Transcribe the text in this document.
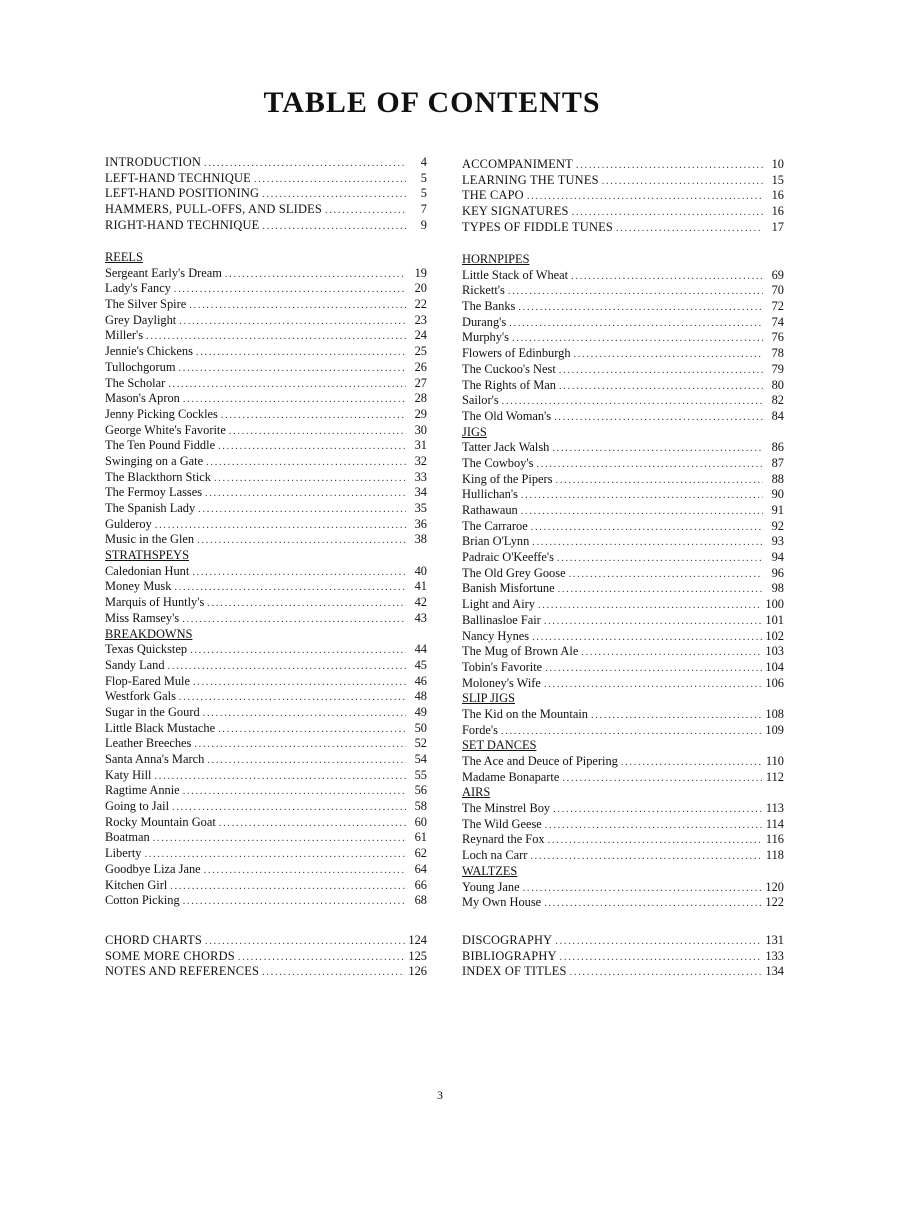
TABLE OF CONTENTS
INTRODUCTION .....	4
LEFT-HAND TECHNIQUE .....	5
LEFT-HAND POSITIONING .....	5
HAMMERS, PULL-OFFS, AND SLIDES .....	7
RIGHT-HAND TECHNIQUE .....	9
REELS
Sergeant Early's Dream .....	19
Lady's Fancy .....	20
The Silver Spire .....	22
Grey Daylight .....	23
Miller's .....	24
Jennie's Chickens .....	25
Tullochgorum .....	26
The Scholar .....	27
Mason's Apron .....	28
Jenny Picking Cockles .....	29
George White's Favorite .....	30
The Ten Pound Fiddle .....	31
Swinging on a Gate .....	32
The Blackthorn Stick .....	33
The Fermoy Lasses .....	34
The Spanish Lady .....	35
Gulderoy .....	36
Music in the Glen .....	38
STRATHSPEYS
Caledonian Hunt .....	40
Money Musk .....	41
Marquis of Huntly's .....	42
Miss Ramsey's .....	43
BREAKDOWNS
Texas Quickstep .....	44
Sandy Land .....	45
Flop-Eared Mule .....	46
Westfork Gals .....	48
Sugar in the Gourd .....	49
Little Black Mustache .....	50
Leather Breeches .....	52
Santa Anna's March .....	54
Katy Hill .....	55
Ragtime Annie .....	56
Going to Jail .....	58
Rocky Mountain Goat .....	60
Boatman .....	61
Liberty .....	62
Goodbye Liza Jane .....	64
Kitchen Girl .....	66
Cotton Picking .....	68
CHORD CHARTS .....	124
SOME MORE CHORDS .....	125
NOTES AND REFERENCES .....	126
ACCOMPANIMENT .....	10
LEARNING THE TUNES .....	15
THE CAPO .....	16
KEY SIGNATURES .....	16
TYPES OF FIDDLE TUNES .....	17
HORNPIPES
Little Stack of Wheat .....	69
Rickett's .....	70
The Banks .....	72
Durang's .....	74
Murphy's .....	76
Flowers of Edinburgh .....	78
The Cuckoo's Nest .....	79
The Rights of Man .....	80
Sailor's .....	82
The Old Woman's .....	84
JIGS
Tatter Jack Walsh .....	86
The Cowboy's .....	87
King of the Pipers .....	88
Hullichan's .....	90
Rathawaun .....	91
The Carraroe .....	92
Brian O'Lynn .....	93
Padraic O'Keeffe's .....	94
The Old Grey Goose .....	96
Banish Misfortune .....	98
Light and Airy .....	100
Ballinasloe Fair .....	101
Nancy Hynes .....	102
The Mug of Brown Ale .....	103
Tobin's Favorite .....	104
Moloney's Wife .....	106
SLIP JIGS
The Kid on the Mountain .....	108
Forde's .....	109
SET DANCES
The Ace and Deuce of Pipering .....	110
Madame Bonaparte .....	112
AIRS
The Minstrel Boy .....	113
The Wild Geese .....	114
Reynard the Fox .....	116
Loch na Carr .....	118
WALTZES
Young Jane .....	120
My Own House .....	122
DISCOGRAPHY .....	131
BIBLIOGRAPHY .....	133
INDEX OF TITLES .....	134
3
